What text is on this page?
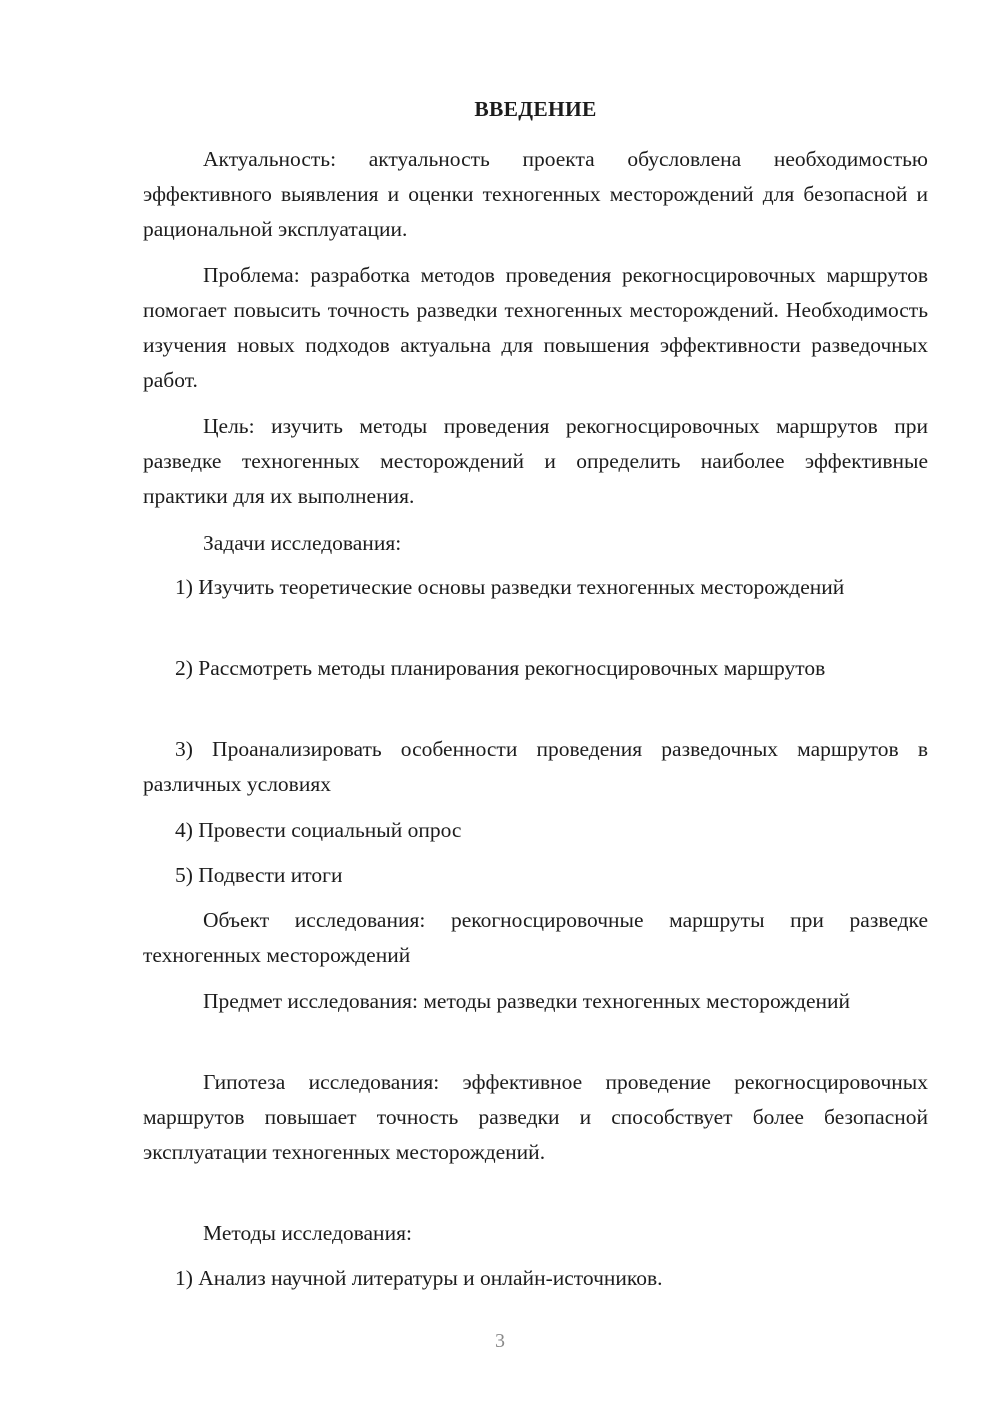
ВВЕДЕНИЕ

Актуальность: актуальность проекта обусловлена необходимостью эффективного выявления и оценки техногенных месторождений для безопасной и рациональной эксплуатации.

Проблема: разработка методов проведения рекогносцировочных маршрутов помогает повысить точность разведки техногенных месторождений. Необходимость изучения новых подходов актуальна для повышения эффективности разведочных работ.

Цель: изучить методы проведения рекогносцировочных маршрутов при разведке техногенных месторождений и определить наиболее эффективные практики для их выполнения.

Задачи исследования:

1) Изучить теоретические основы разведки техногенных месторождений

2) Рассмотреть методы планирования рекогносцировочных маршрутов

3) Проанализировать особенности проведения разведочных маршрутов в различных условиях

4) Провести социальный опрос

5) Подвести итоги

Объект исследования: рекогносцировочные маршруты при разведке техногенных месторождений

Предмет исследования: методы разведки техногенных месторождений

Гипотеза исследования: эффективное проведение рекогносцировочных маршрутов повышает точность разведки и способствует более безопасной эксплуатации техногенных месторождений.

Методы исследования:

1) Анализ научной литературы и онлайн-источников.

3
